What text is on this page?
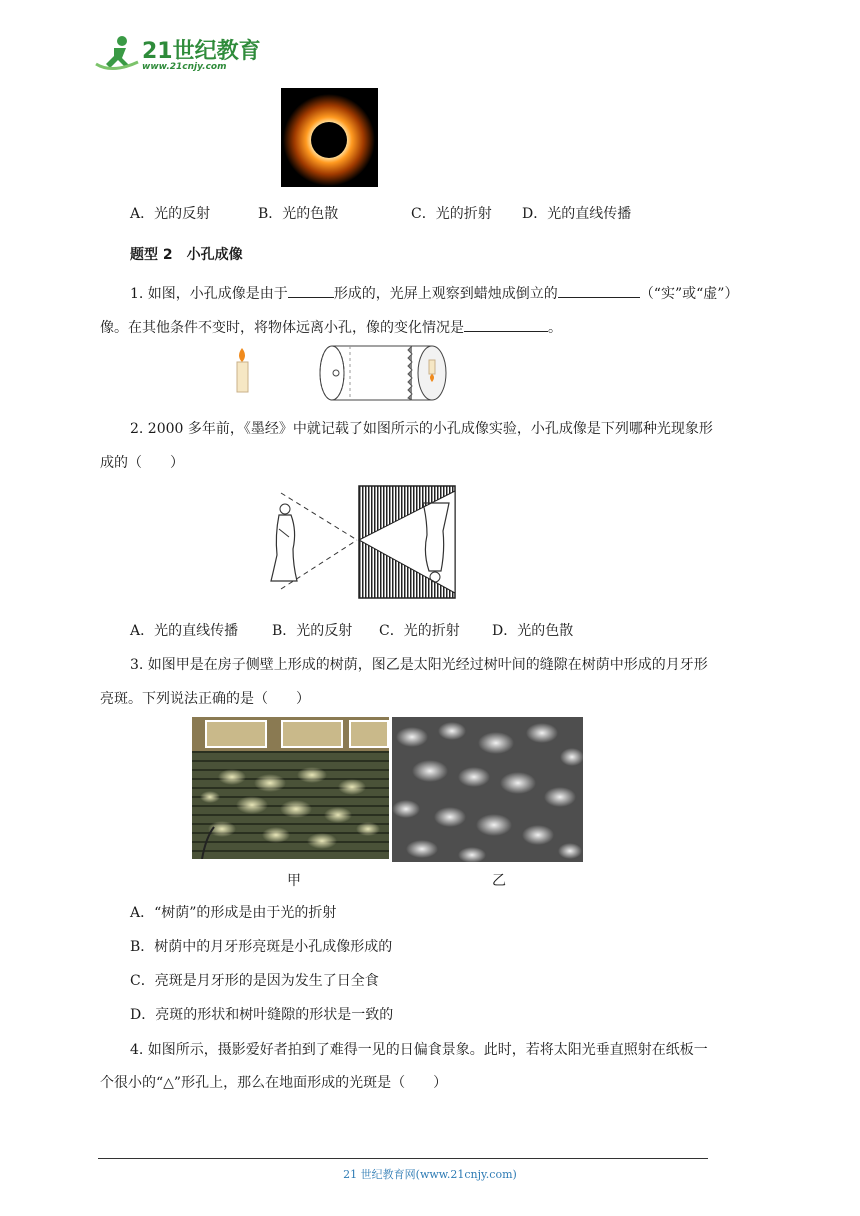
21世纪教育
www.21cnjy.com
A．光的反射	B．光的色散	C．光的折射 D．光的直线传播
题型 2　小孔成像
1. 如图，小孔成像是由于	形成的，光屏上观察到蜡烛成倒立的	（“实”或“虚”）
像。在其他条件不变时，将物体远离小孔，像的变化情况是	。
2. 2000 多年前，《墨经》中就记载了如图所示的小孔成像实验，小孔成像是下列哪种光现象形
成的（　　）
A．光的直线传播 B．光的反射 C．光的折射 D．光的色散
3. 如图甲是在房子侧壁上形成的树荫，图乙是太阳光经过树叶间的缝隙在树荫中形成的月牙形
亮斑。下列说法正确的是（　　）
甲	乙
A．“树荫”的形成是由于光的折射
B．树荫中的月牙形亮斑是小孔成像形成的
C．亮斑是月牙形的是因为发生了日全食
D．亮斑的形状和树叶缝隙的形状是一致的
4. 如图所示，摄影爱好者拍到了难得一见的日偏食景象。此时，若将太阳光垂直照射在纸板一
个很小的“△”形孔上，那么在地面形成的光斑是（　　）
21 世纪教育网(www.21cnjy.com)
